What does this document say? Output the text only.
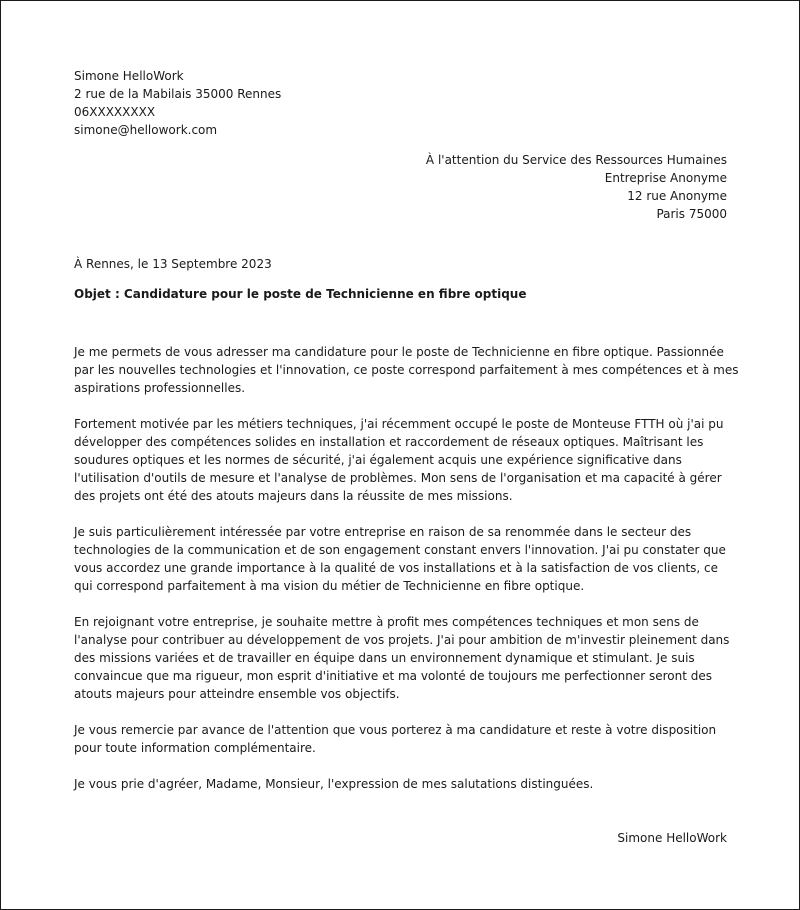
Simone HelloWork
2 rue de la Mabilais 35000 Rennes
06XXXXXXXX
simone@hellowork.com
À l'attention du Service des Ressources Humaines
Entreprise Anonyme
12 rue Anonyme
Paris 75000
À Rennes, le 13 Septembre 2023
Objet : Candidature pour le poste de Technicienne en fibre optique

Je me permets de vous adresser ma candidature pour le poste de Technicienne en fibre optique. Passionnée par les nouvelles technologies et l'innovation, ce poste correspond parfaitement à mes compétences et à mes aspirations professionnelles.

Fortement motivée par les métiers techniques, j'ai récemment occupé le poste de Monteuse FTTH où j'ai pu développer des compétences solides en installation et raccordement de réseaux optiques. Maîtrisant les soudures optiques et les normes de sécurité, j'ai également acquis une expérience significative dans l'utilisation d'outils de mesure et l'analyse de problèmes. Mon sens de l'organisation et ma capacité à gérer des projets ont été des atouts majeurs dans la réussite de mes missions.

Je suis particulièrement intéressée par votre entreprise en raison de sa renommée dans le secteur des technologies de la communication et de son engagement constant envers l'innovation. J'ai pu constater que vous accordez une grande importance à la qualité de vos installations et à la satisfaction de vos clients, ce qui correspond parfaitement à ma vision du métier de Technicienne en fibre optique.

En rejoignant votre entreprise, je souhaite mettre à profit mes compétences techniques et mon sens de l'analyse pour contribuer au développement de vos projets. J'ai pour ambition de m'investir pleinement dans des missions variées et de travailler en équipe dans un environnement dynamique et stimulant. Je suis convaincue que ma rigueur, mon esprit d'initiative et ma volonté de toujours me perfectionner seront des atouts majeurs pour atteindre ensemble vos objectifs.

Je vous remercie par avance de l'attention que vous porterez à ma candidature et reste à votre disposition pour toute information complémentaire.

Je vous prie d'agréer, Madame, Monsieur, l'expression de mes salutations distinguées.

Simone HelloWork
